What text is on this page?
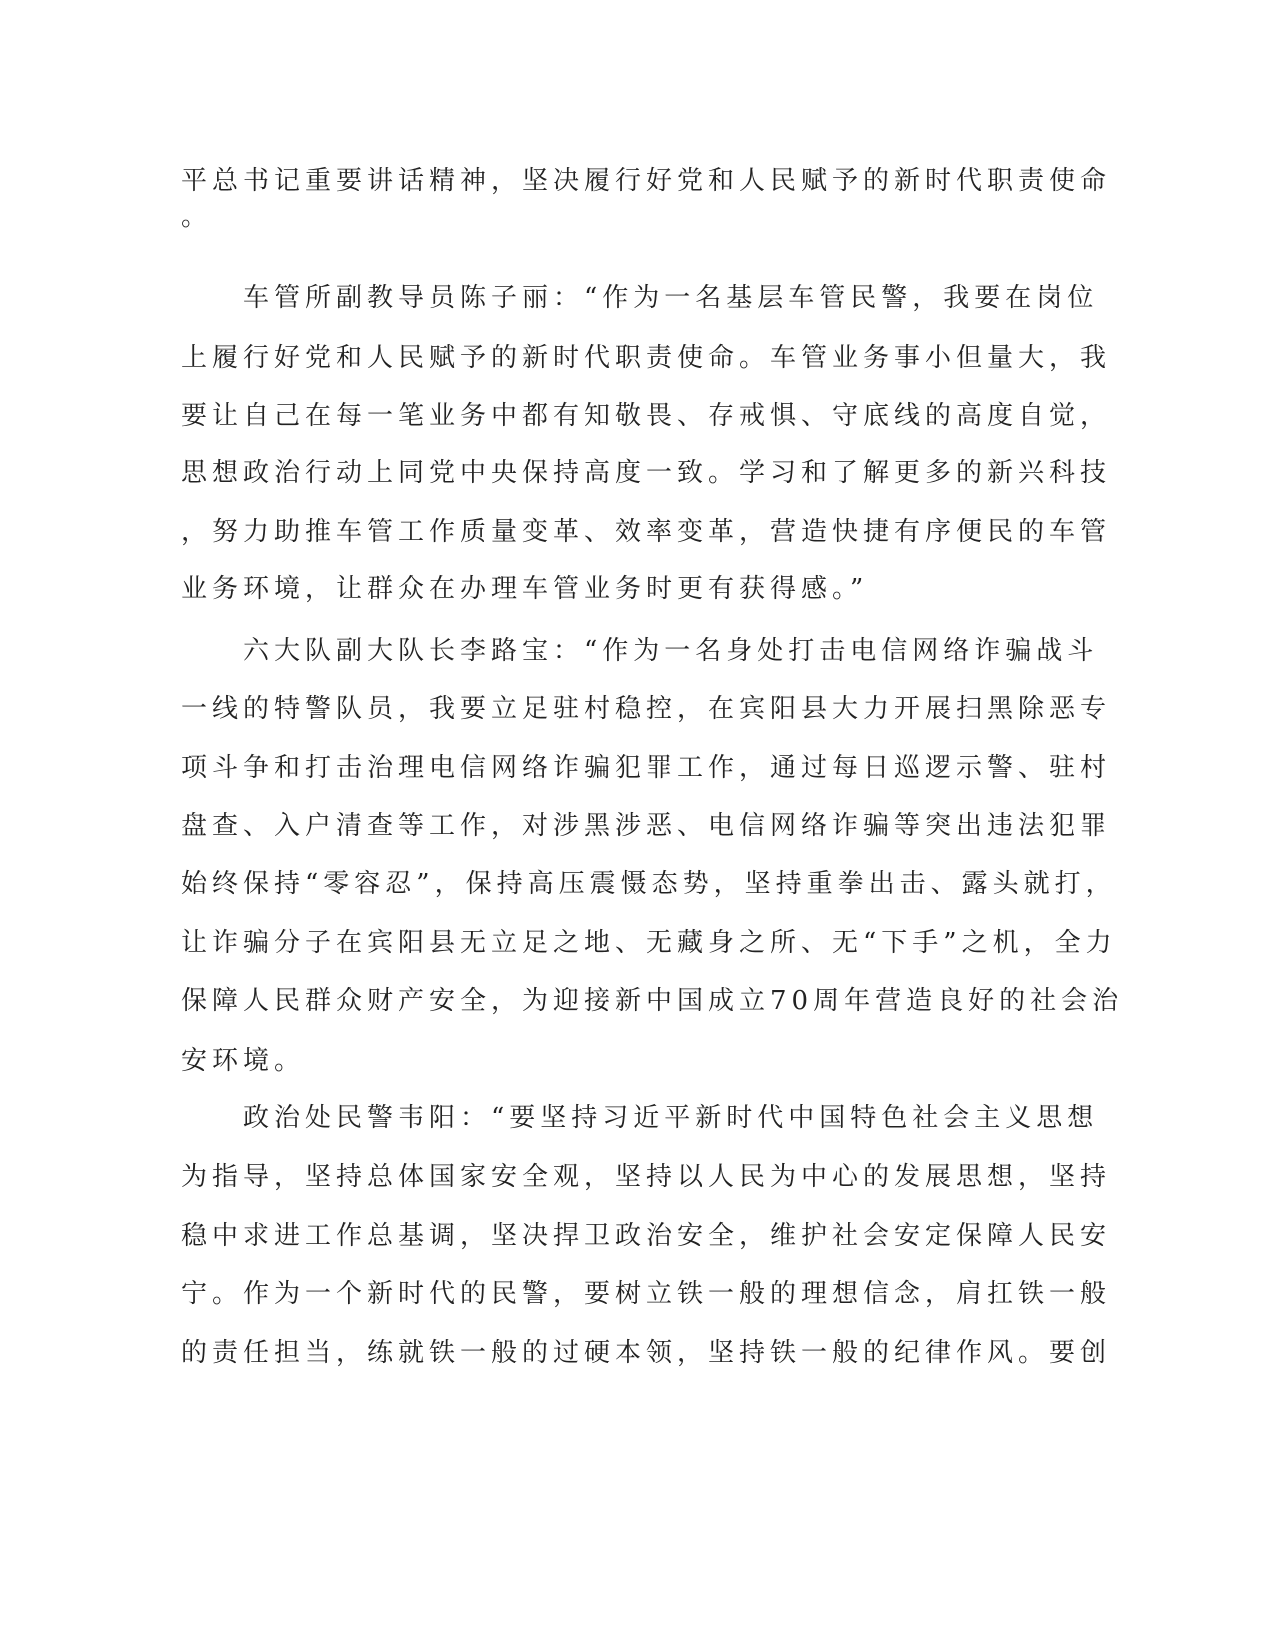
平总书记重要讲话精神，坚决履行好党和人民赋予的新时代职责使命
。
　　车管所副教导员陈子丽：“作为一名基层车管民警，我要在岗位
上履行好党和人民赋予的新时代职责使命。车管业务事小但量大，我
要让自己在每一笔业务中都有知敬畏、存戒惧、守底线的高度自觉，
思想政治行动上同党中央保持高度一致。学习和了解更多的新兴科技
，努力助推车管工作质量变革、效率变革，营造快捷有序便民的车管
业务环境，让群众在办理车管业务时更有获得感。”
　　六大队副大队长李路宝：“作为一名身处打击电信网络诈骗战斗
一线的特警队员，我要立足驻村稳控，在宾阳县大力开展扫黑除恶专
项斗争和打击治理电信网络诈骗犯罪工作，通过每日巡逻示警、驻村
盘查、入户清查等工作，对涉黑涉恶、电信网络诈骗等突出违法犯罪
始终保持“零容忍”，保持高压震慑态势，坚持重拳出击、露头就打，
让诈骗分子在宾阳县无立足之地、无藏身之所、无“下手”之机，全力
保障人民群众财产安全，为迎接新中国成立70周年营造良好的社会治
安环境。
　　政治处民警韦阳：“要坚持习近平新时代中国特色社会主义思想
为指导，坚持总体国家安全观，坚持以人民为中心的发展思想，坚持
稳中求进工作总基调，坚决捍卫政治安全，维护社会安定保障人民安
宁。作为一个新时代的民警，要树立铁一般的理想信念，肩扛铁一般
的责任担当，练就铁一般的过硬本领，坚持铁一般的纪律作风。要创
